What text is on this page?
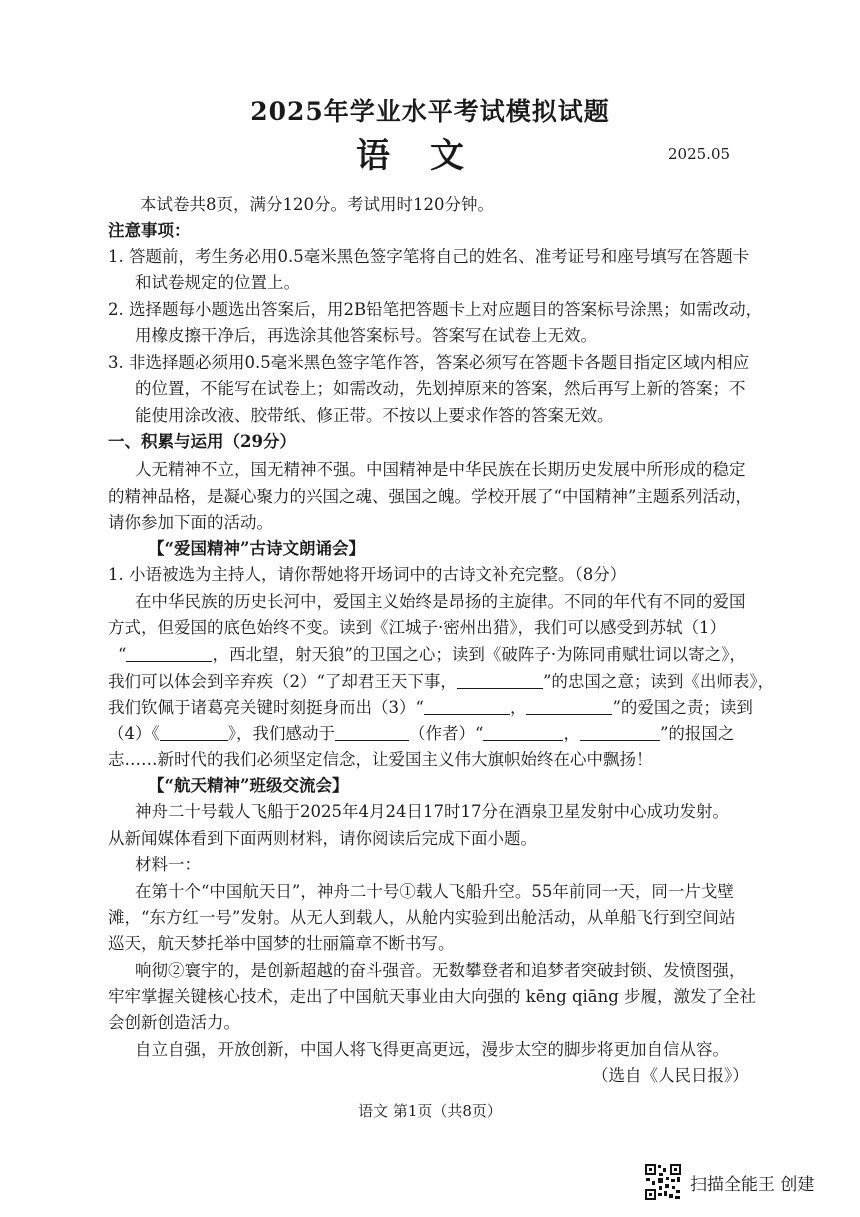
2025年学业水平考试模拟试题
语文	2025.05
本试卷共8页，满分120分。考试用时120分钟。
注意事项：
1. 答题前，考生务必用0.5毫米黑色签字笔将自己的姓名、准考证号和座号填写在答题卡
和试卷规定的位置上。
2. 选择题每小题选出答案后，用2B铅笔把答题卡上对应题目的答案标号涂黑；如需改动，
用橡皮擦干净后，再选涂其他答案标号。答案写在试卷上无效。
3. 非选择题必须用0.5毫米黑色签字笔作答，答案必须写在答题卡各题目指定区域内相应
的位置，不能写在试卷上；如需改动，先划掉原来的答案，然后再写上新的答案；不
能使用涂改液、胶带纸、修正带。不按以上要求作答的答案无效。
一、积累与运用（29分）
人无精神不立，国无精神不强。中国精神是中华民族在长期历史发展中所形成的稳定
的精神品格，是凝心聚力的兴国之魂、强国之魄。学校开展了“中国精神”主题系列活动，
请你参加下面的活动。
【“爱国精神”古诗文朗诵会】
1. 小语被选为主持人，请你帮她将开场词中的古诗文补充完整。（8分）
在中华民族的历史长河中，爱国主义始终是昂扬的主旋律。不同的年代有不同的爱国
方式，但爱国的底色始终不变。读到《江城子·密州出猎》，我们可以感受到苏轼（1）
“	，西北望，射天狼”的卫国之心；读到《破阵子·为陈同甫赋壮词以寄之》，
我们可以体会到辛弃疾（2）“了却君王天下事，	”的忠国之意；读到《出师表》，
我们钦佩于诸葛亮关键时刻挺身而出（3）“	，	”的爱国之责；读到
（4）《	》，我们感动于	（作者）“	，	”的报国之
志……新时代的我们必须坚定信念，让爱国主义伟大旗帜始终在心中飘扬！
【“航天精神”班级交流会】
神舟二十号载人飞船于2025年4月24日17时17分在酒泉卫星发射中心成功发射。
从新闻媒体看到下面两则材料，请你阅读后完成下面小题。
材料一：
在第十个“中国航天日”，神舟二十号①载人飞船升空。55年前同一天，同一片戈壁
滩，“东方红一号”发射。从无人到载人，从舱内实验到出舱活动，从单船飞行到空间站
巡天，航天梦托举中国梦的壮丽篇章不断书写。
响彻②寰宇的，是创新超越的奋斗强音。无数攀登者和追梦者突破封锁、发愤图强，
牢牢掌握关键核心技术，走出了中国航天事业由大向强的 kēng qiāng 步履，激发了全社
会创新创造活力。
自立自强，开放创新，中国人将飞得更高更远，漫步太空的脚步将更加自信从容。
（选自《人民日报》）
语文 第1页（共8页）
扫描全能王 创建
